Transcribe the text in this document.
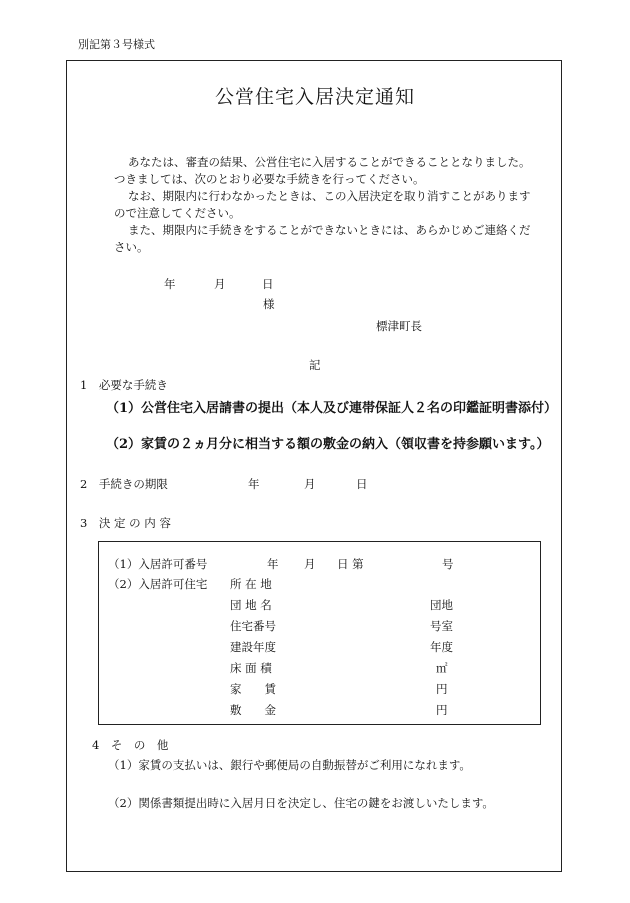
別記第３号様式
公営住宅入居決定通知
あなたは、審査の結果、公営住宅に入居することができることとなりました。
つきましては、次のとおり必要な手続きを行ってください。
なお、期限内に行わなかったときは、この入居決定を取り消すことがあります
ので注意してください。
また、期限内に手続きをすることができないときには、あらかじめご連絡くだ
さい。
年	月	日
様
標津町長
記
1　必要な手続き
（1）公営住宅入居請書の提出（本人及び連帯保証人２名の印鑑証明書添付）
（2）家賃の２ヵ月分に相当する額の敷金の納入（領収書を持参願います。）
2　手続きの期限	年	月	日
3　決 定 の 内 容
（1）入居許可番号	年 月 日 第	号
（2）入居許可住宅 所 在 地
団 地 名	団地
住宅番号	号室
建設年度	年度
床 面 積	㎡
家　　賃	円
敷　　金	円
4　そ　の　他
（1）家賃の支払いは、銀行や郵便局の自動振替がご利用になれます。
（2）関係書類提出時に入居月日を決定し、住宅の鍵をお渡しいたします。
